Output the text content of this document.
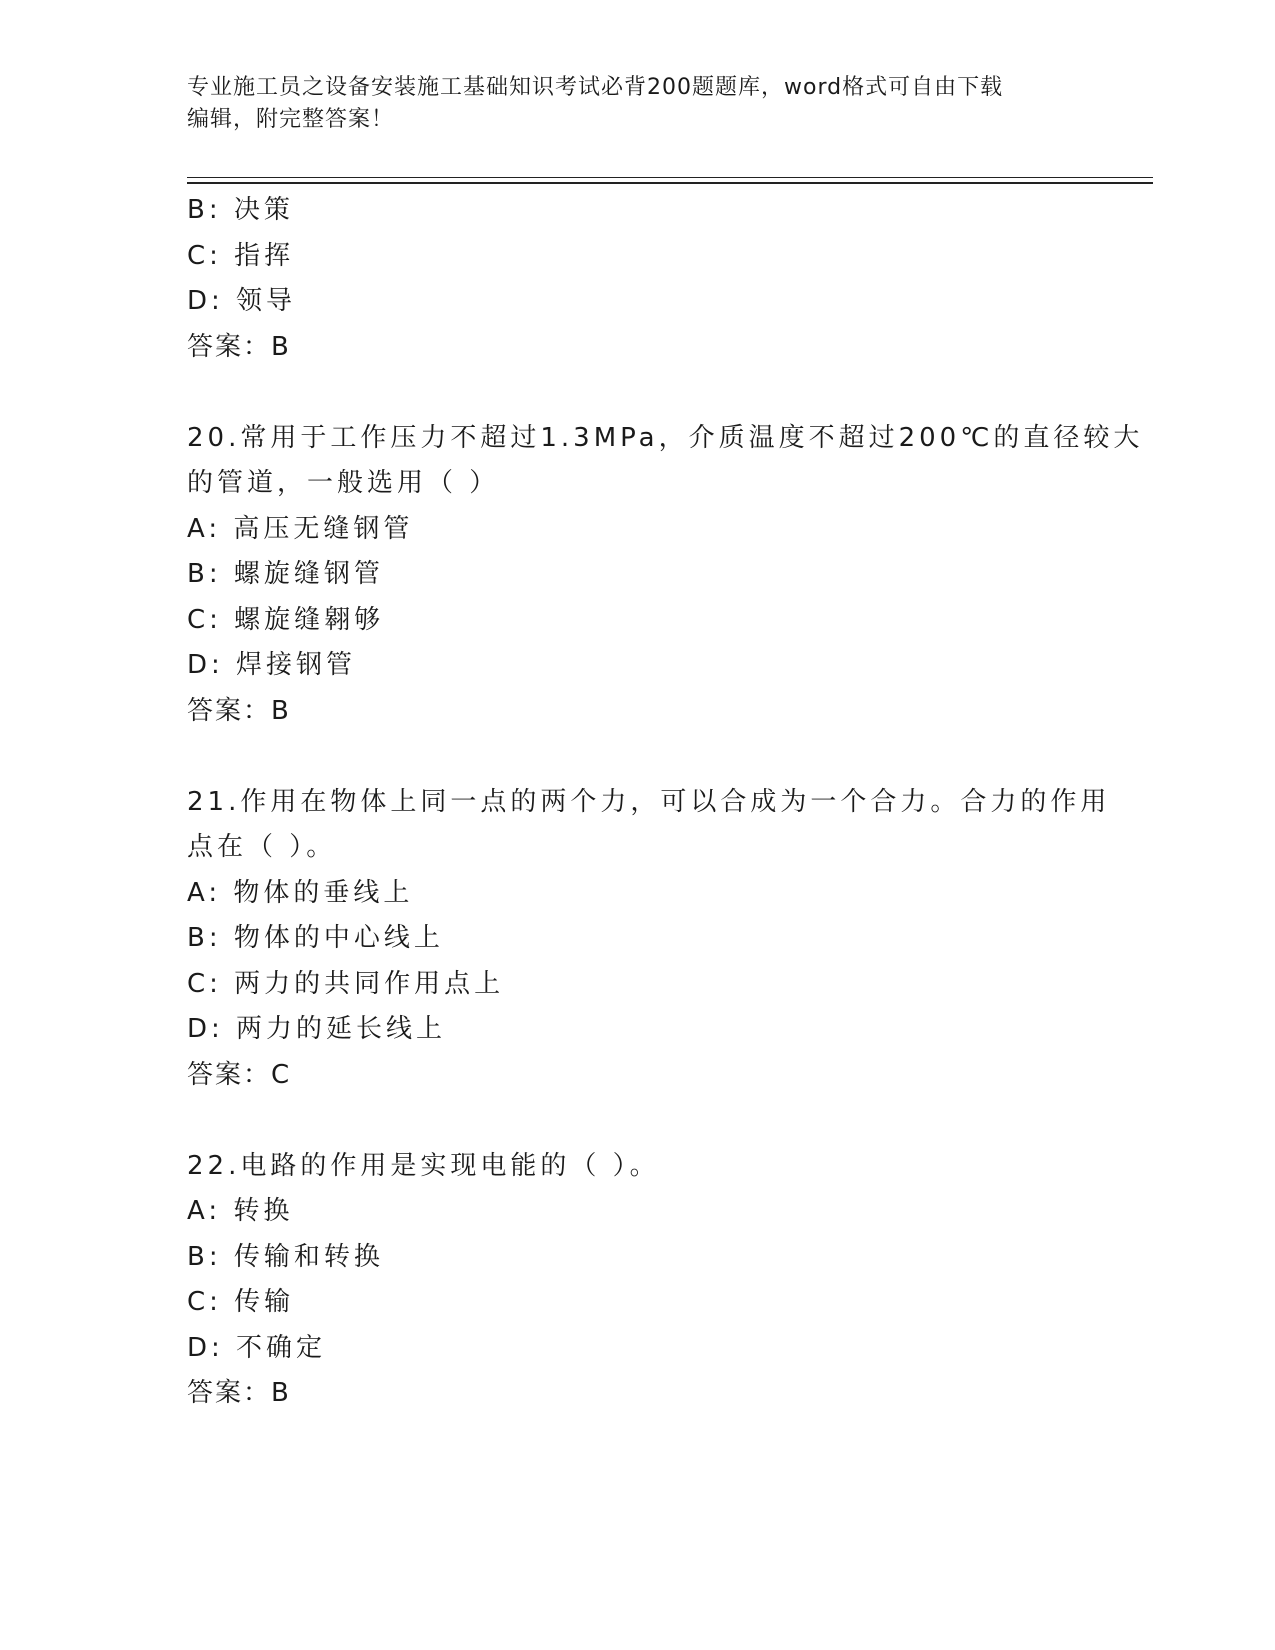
专业施工员之设备安装施工基础知识考试必背200题题库，word格式可自由下载
编辑，附完整答案！
B: 决策
C: 指挥
D: 领导
答案：B
20.常用于工作压力不超过1.3MPa，介质温度不超过200℃的直径较大
的管道，一般选用（ ）
A: 高压无缝钢管
B: 螺旋缝钢管
C: 螺旋缝翱够
D: 焊接钢管
答案：B
21.作用在物体上同一点的两个力，可以合成为一个合力。合力的作用
点在（ ）。
A: 物体的垂线上
B: 物体的中心线上
C: 两力的共同作用点上
D: 两力的延长线上
答案：C
22.电路的作用是实现电能的（ ）。
A: 转换
B: 传输和转换
C: 传输
D: 不确定
答案：B
